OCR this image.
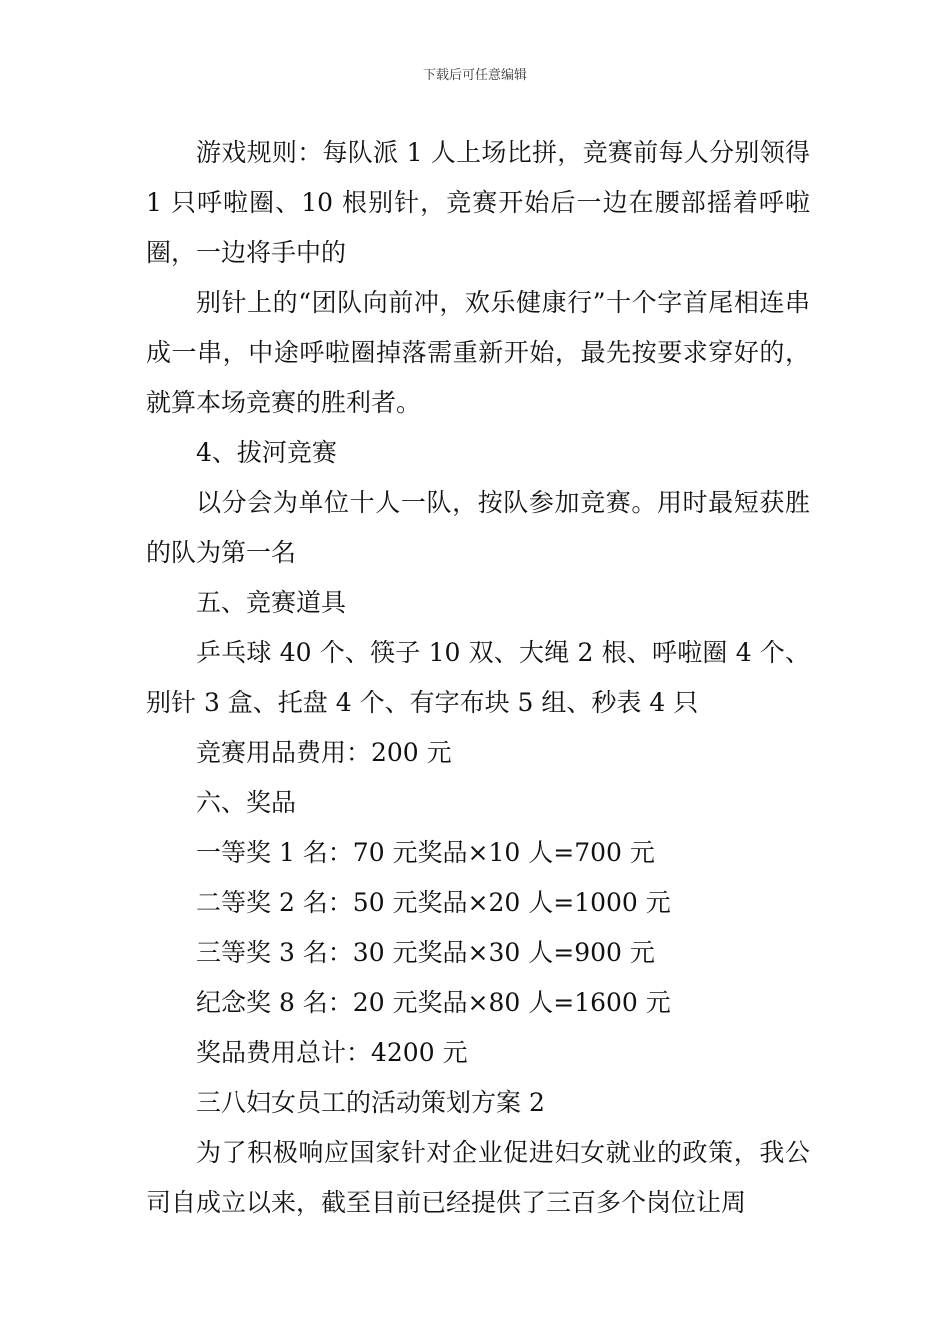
下载后可任意编辑

游戏规则：每队派 1 人上场比拼，竞赛前每人分别领得 1 只呼啦圈、10 根别针，竞赛开始后一边在腰部摇着呼啦圈，一边将手中的

别针上的“团队向前冲，欢乐健康行”十个字首尾相连串成一串，中途呼啦圈掉落需重新开始，最先按要求穿好的，就算本场竞赛的胜利者。

4、拔河竞赛

以分会为单位十人一队，按队参加竞赛。用时最短获胜的队为第一名

五、竞赛道具

乒乓球 40 个、筷子 10 双、大绳 2 根、呼啦圈 4 个、别针 3 盒、托盘 4 个、有字布块 5 组、秒表 4 只

竞赛用品费用：200 元

六、奖品

一等奖 1 名：70 元奖品×10 人=700 元

二等奖 2 名：50 元奖品×20 人=1000 元

三等奖 3 名：30 元奖品×30 人=900 元

纪念奖 8 名：20 元奖品×80 人=1600 元

奖品费用总计：4200 元

三八妇女员工的活动策划方案 2

为了积极响应国家针对企业促进妇女就业的政策，我公司自成立以来，截至目前已经提供了三百多个岗位让周
